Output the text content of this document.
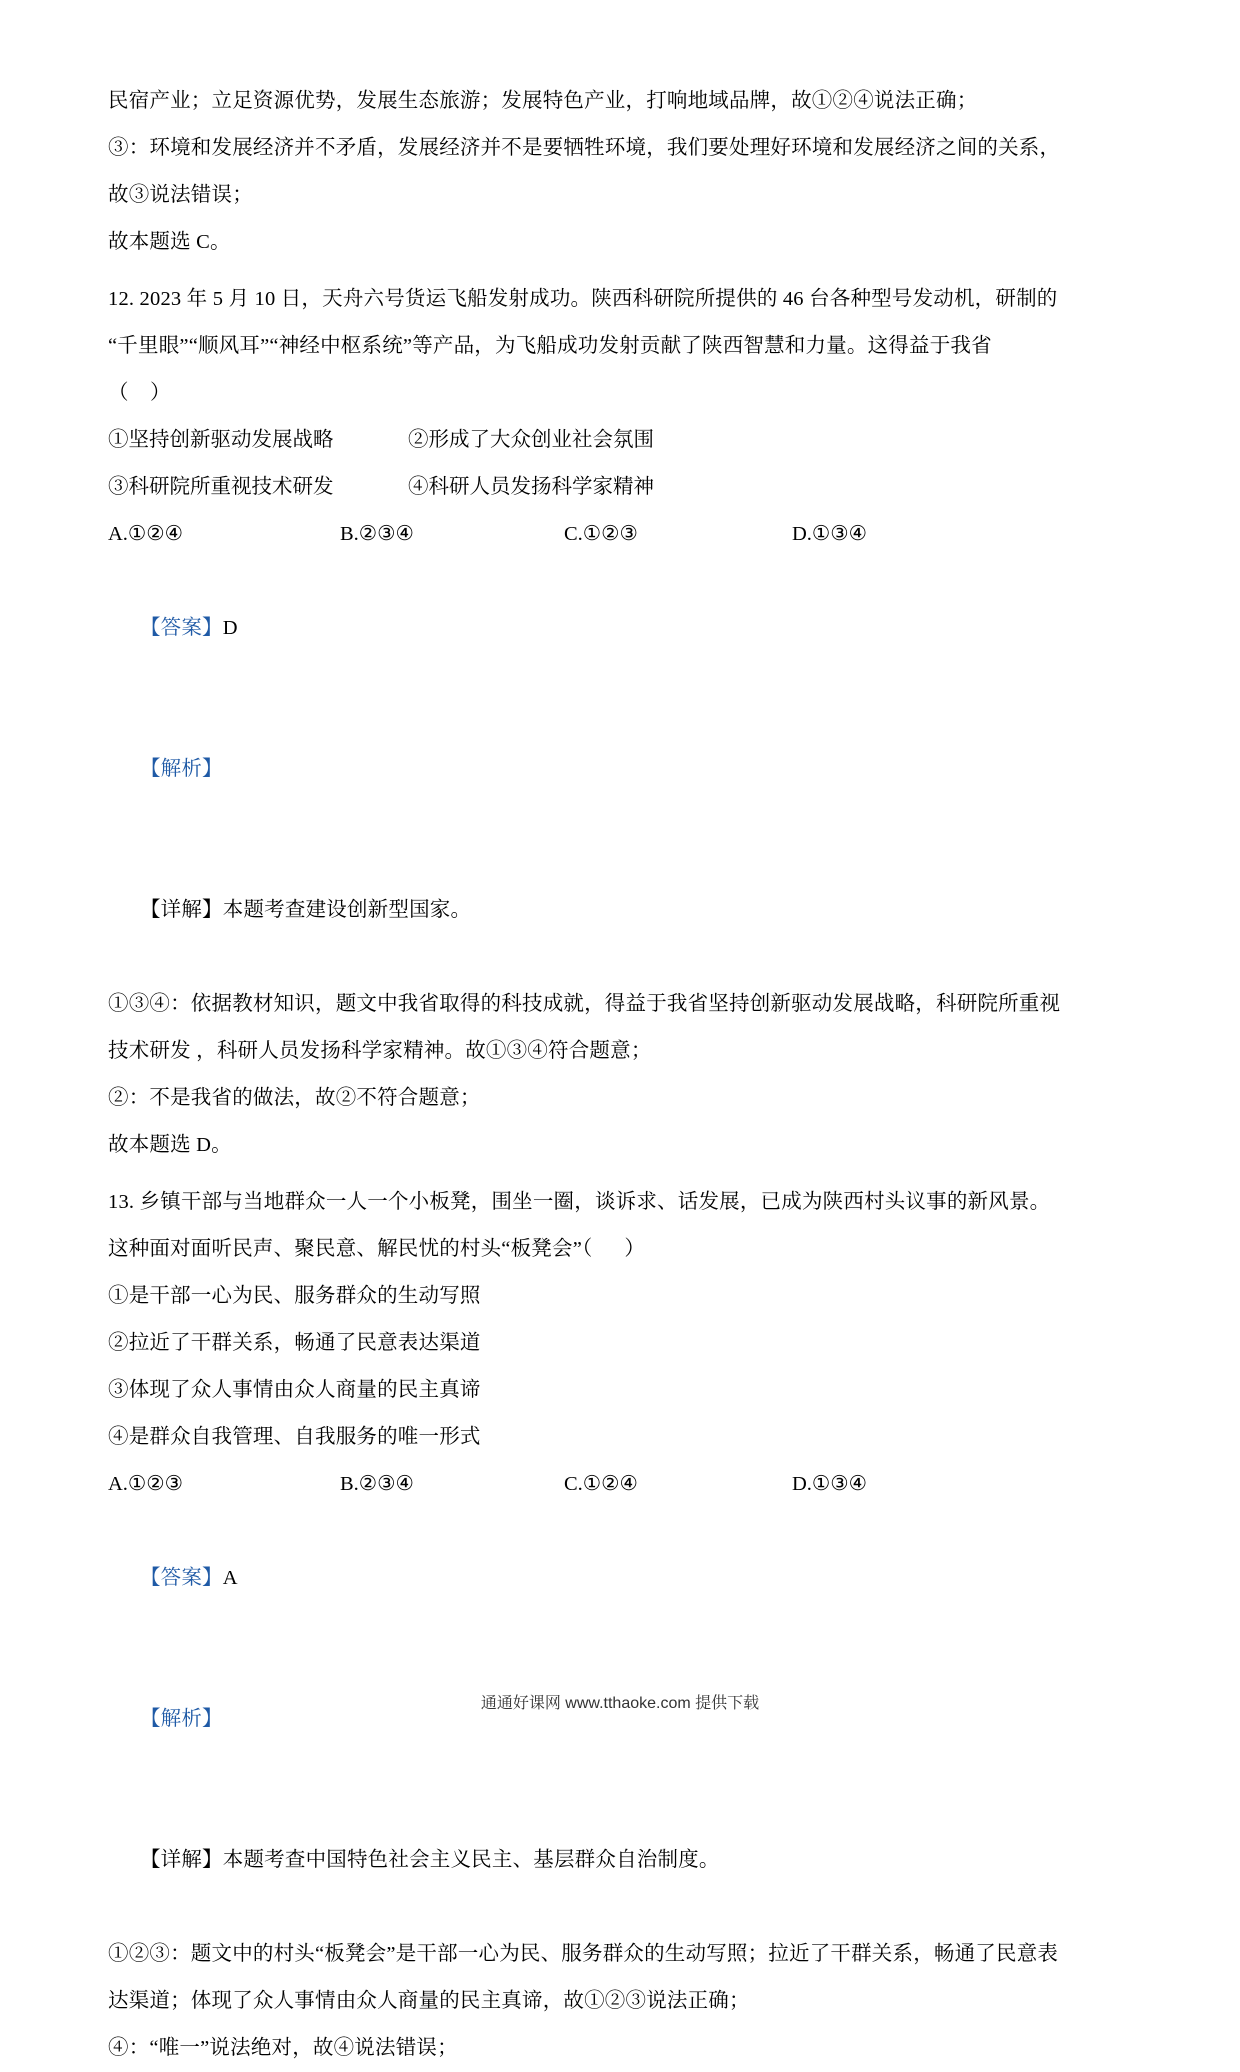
民宿产业；立足资源优势，发展生态旅游；发展特色产业，打响地域品牌，故①②④说法正确；
③：环境和发展经济并不矛盾，发展经济并不是要牺牲环境，我们要处理好环境和发展经济之间的关系，
故③说法错误；
故本题选 C。
12. 2023 年 5 月 10 日，天舟六号货运飞船发射成功。陕西科研院所提供的 46 台各种型号发动机，研制的
“千里眼”“顺风耳”“神经中枢系统”等产品，为飞船成功发射贡献了陕西智慧和力量。这得益于我省
（    ）
①坚持创新驱动发展战略	②形成了大众创业社会氛围
③科研院所重视技术研发	④科研人员发扬科学家精神
A.①②④	B.②③④	C.①②③	D.①③④

【答案】D

【解析】

【详解】本题考查建设创新型国家。

①③④：依据教材知识，题文中我省取得的科技成就，得益于我省坚持创新驱动发展战略，科研院所重视
技术研发 ，科研人员发扬科学家精神。故①③④符合题意；
②：不是我省的做法，故②不符合题意；
故本题选 D。
13. 乡镇干部与当地群众一人一个小板凳，围坐一圈，谈诉求、话发展，已成为陕西村头议事的新风景。
这种面对面听民声、聚民意、解民忧的村头“板凳会”（      ）
①是干部一心为民、服务群众的生动写照
②拉近了干群关系，畅通了民意表达渠道
③体现了众人事情由众人商量的民主真谛
④是群众自我管理、自我服务的唯一形式
A.①②③	B.②③④	C.①②④	D.①③④

【答案】A

【解析】

【详解】本题考查中国特色社会主义民主、基层群众自治制度。

①②③：题文中的村头“板凳会”是干部一心为民、服务群众的生动写照；拉近了干群关系，畅通了民意表
达渠道；体现了众人事情由众人商量的民主真谛，故①②③说法正确；
④：“唯一”说法绝对，故④说法错误；
通通好课网 www.tthaoke.com 提供下载
